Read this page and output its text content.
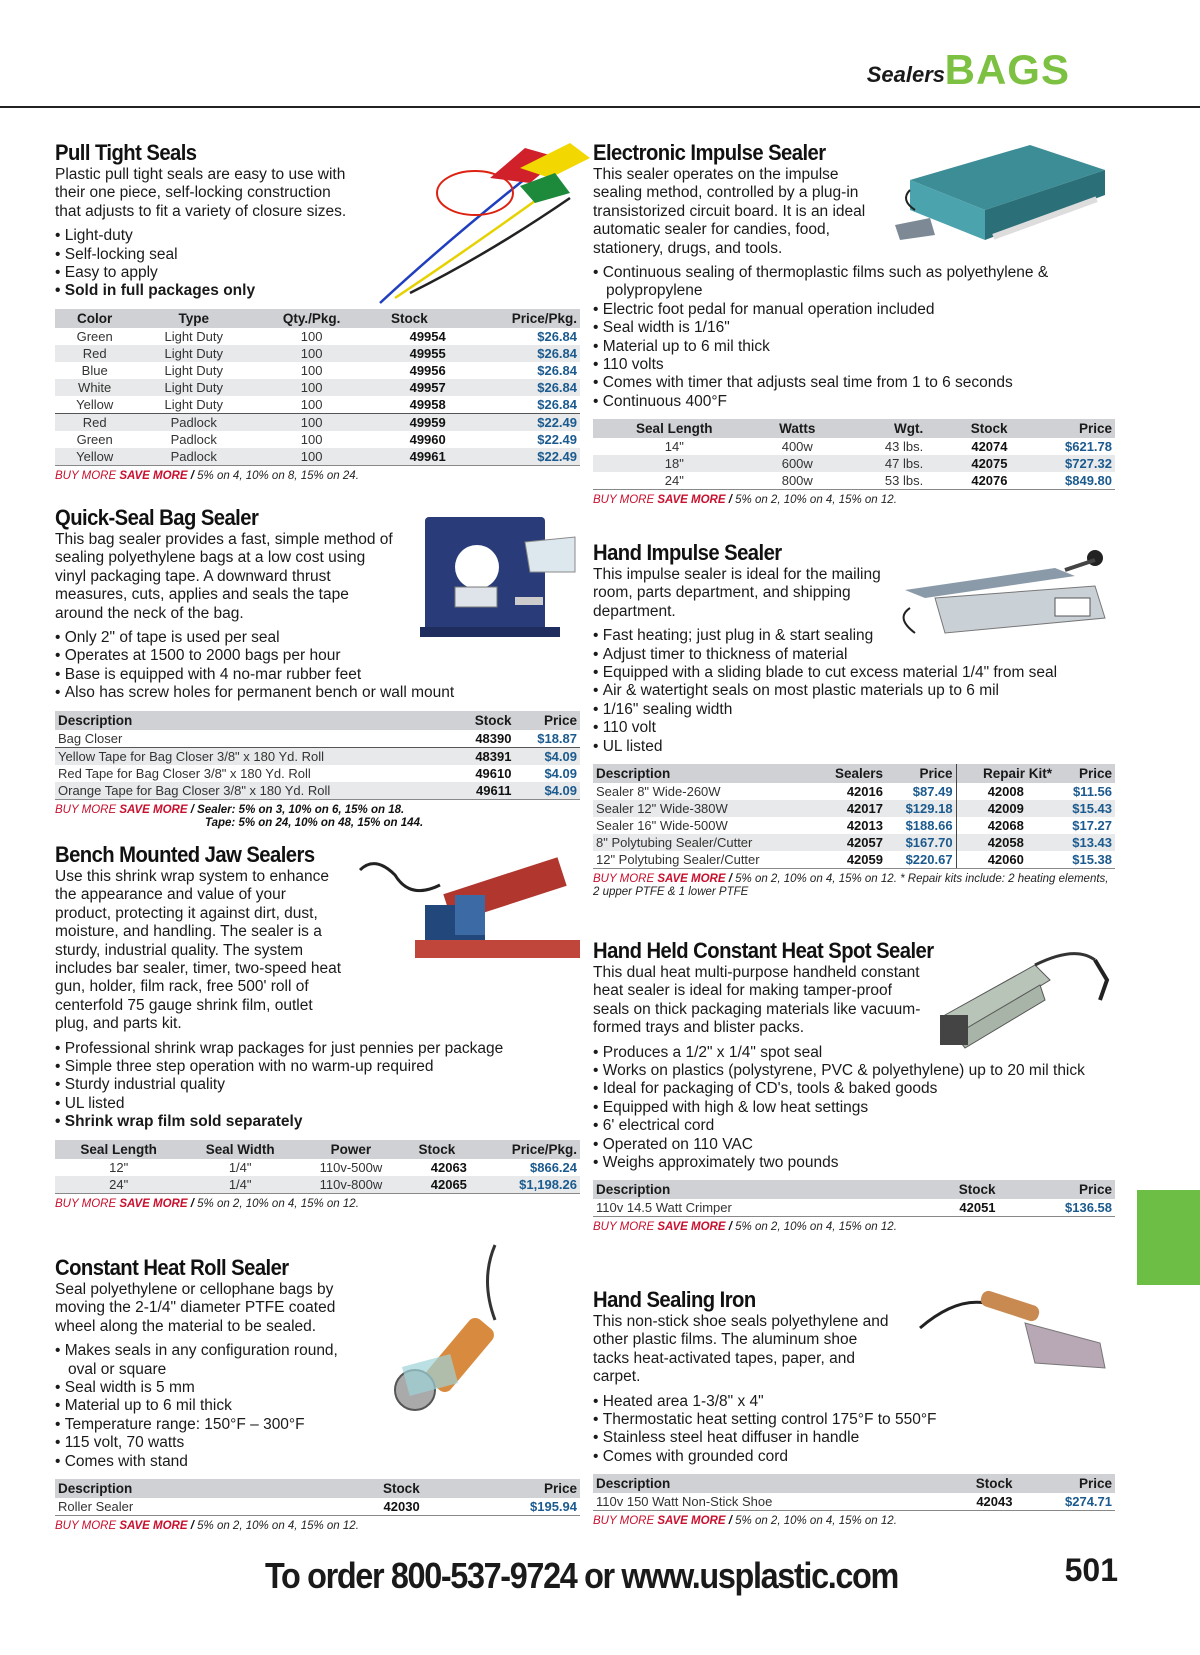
Sealers BAGS
Pull Tight Seals

Plastic pull tight seals are easy to use with their one piece, self-locking construction that adjusts to fit a variety of closure sizes.

• Light-duty
• Self-locking seal
• Easy to apply
• Sold in full packages only
Color	Type	Qty./Pkg.	Stock	Price/Pkg.
Green	Light Duty	100	49954	$26.84
Red	Light Duty	100	49955	$26.84
Blue	Light Duty	100	49956	$26.84
White	Light Duty	100	49957	$26.84
Yellow	Light Duty	100	49958	$26.84
Red	Padlock	100	49959	$22.49
Green	Padlock	100	49960	$22.49
Yellow	Padlock	100	49961	$22.49
BUY MORE SAVE MORE / 5% on 4, 10% on 8, 15% on 24.
Quick-Seal Bag Sealer

This bag sealer provides a fast, simple method of sealing polyethylene bags at a low cost using vinyl packaging tape. A downward thrust measures, cuts, applies and seals the tape around the neck of the bag.

• Only 2" of tape is used per seal
• Operates at 1500 to 2000 bags per hour
• Base is equipped with 4 no-mar rubber feet
• Also has screw holes for permanent bench or wall mount
Description	Stock	Price
Bag Closer	48390	$18.87
Yellow Tape for Bag Closer 3/8" x 180 Yd. Roll	48391	$4.09
Red Tape for Bag Closer 3/8" x 180 Yd. Roll	49610	$4.09
Orange Tape for Bag Closer 3/8" x 180 Yd. Roll	49611	$4.09
BUY MORE SAVE MORE / Sealer: 5% on 3, 10% on 6, 15% on 18.
Tape: 5% on 24, 10% on 48, 15% on 144.
Bench Mounted Jaw Sealers

Use this shrink wrap system to enhance the appearance and value of your product, protecting it against dirt, dust, moisture, and handling. The sealer is a sturdy, industrial quality. The system includes bar sealer, timer, two-speed heat gun, holder, film rack, free 500' roll of centerfold 75 gauge shrink film, outlet plug, and parts kit.

• Professional shrink wrap packages for just pennies per package
• Simple three step operation with no warm-up required
• Sturdy industrial quality
• UL listed
• Shrink wrap film sold separately
Seal Length	Seal Width	Power	Stock	Price/Pkg.
12"	1/4"	110v-500w	42063	$866.24
24"	1/4"	110v-800w	42065	$1,198.26
BUY MORE SAVE MORE / 5% on 2, 10% on 4, 15% on 12.
Constant Heat Roll Sealer

Seal polyethylene or cellophane bags by moving the 2-1/4" diameter PTFE coated wheel along the material to be sealed.

• Makes seals in any configuration round, oval or square
• Seal width is 5 mm
• Material up to 6 mil thick
• Temperature range: 150°F – 300°F
• 115 volt, 70 watts
• Comes with stand
Description	Stock	Price
Roller Sealer	42030	$195.94
BUY MORE SAVE MORE / 5% on 2, 10% on 4, 15% on 12.
Electronic Impulse Sealer

This sealer operates on the impulse sealing method, controlled by a plug-in transistorized circuit board. It is an ideal automatic sealer for candies, food, stationery, drugs, and tools.

• Continuous sealing of thermoplastic films such as polyethylene & polypropylene
• Electric foot pedal for manual operation included
• Seal width is 1/16"
• Material up to 6 mil thick
• 110 volts
• Comes with timer that adjusts seal time from 1 to 6 seconds
• Continuous 400°F
Seal Length	Watts	Wgt.	Stock	Price
14"	400w	43 lbs.	42074	$621.78
18"	600w	47 lbs.	42075	$727.32
24"	800w	53 lbs.	42076	$849.80
BUY MORE SAVE MORE / 5% on 2, 10% on 4, 15% on 12.
Hand Impulse Sealer

This impulse sealer is ideal for the mailing room, parts department, and shipping department.

• Fast heating; just plug in & start sealing
• Adjust timer to thickness of material
• Equipped with a sliding blade to cut excess material 1/4" from seal
• Air & watertight seals on most plastic materials up to 6 mil
• 1/16" sealing width
• 110 volt
• UL listed
Description	Sealers	Price	Repair Kit*	Price
Sealer 8" Wide-260W	42016	$87.49	42008	$11.56
Sealer 12" Wide-380W	42017	$129.18	42009	$15.43
Sealer 16" Wide-500W	42013	$188.66	42068	$17.27
8" Polytubing Sealer/Cutter	42057	$167.70	42058	$13.43
12" Polytubing Sealer/Cutter	42059	$220.67	42060	$15.38
BUY MORE SAVE MORE / 5% on 2, 10% on 4, 15% on 12. * Repair kits include: 2 heating elements, 2 upper PTFE & 1 lower PTFE
Hand Held Constant Heat Spot Sealer

This dual heat multi-purpose handheld constant heat sealer is ideal for making tamper-proof seals on thick packaging materials like vacuum-formed trays and blister packs.

• Produces a 1/2" x 1/4" spot seal
• Works on plastics (polystyrene, PVC & polyethylene) up to 20 mil thick
• Ideal for packaging of CD's, tools & baked goods
• Equipped with high & low heat settings
• 6' electrical cord
• Operated on 110 VAC
• Weighs approximately two pounds
Description	Stock	Price
110v 14.5 Watt Crimper	42051	$136.58
BUY MORE SAVE MORE / 5% on 2, 10% on 4, 15% on 12.
Hand Sealing Iron

This non-stick shoe seals polyethylene and other plastic films. The aluminum shoe tacks heat-activated tapes, paper, and carpet.

• Heated area 1-3/8" x 4"
• Thermostatic heat setting control 175°F to 550°F
• Stainless steel heat diffuser in handle
• Comes with grounded cord
Description	Stock	Price
110v 150 Watt Non-Stick Shoe	42043	$274.71
BUY MORE SAVE MORE / 5% on 2, 10% on 4, 15% on 12.
To order 800-537-9724 or www.usplastic.com	501
